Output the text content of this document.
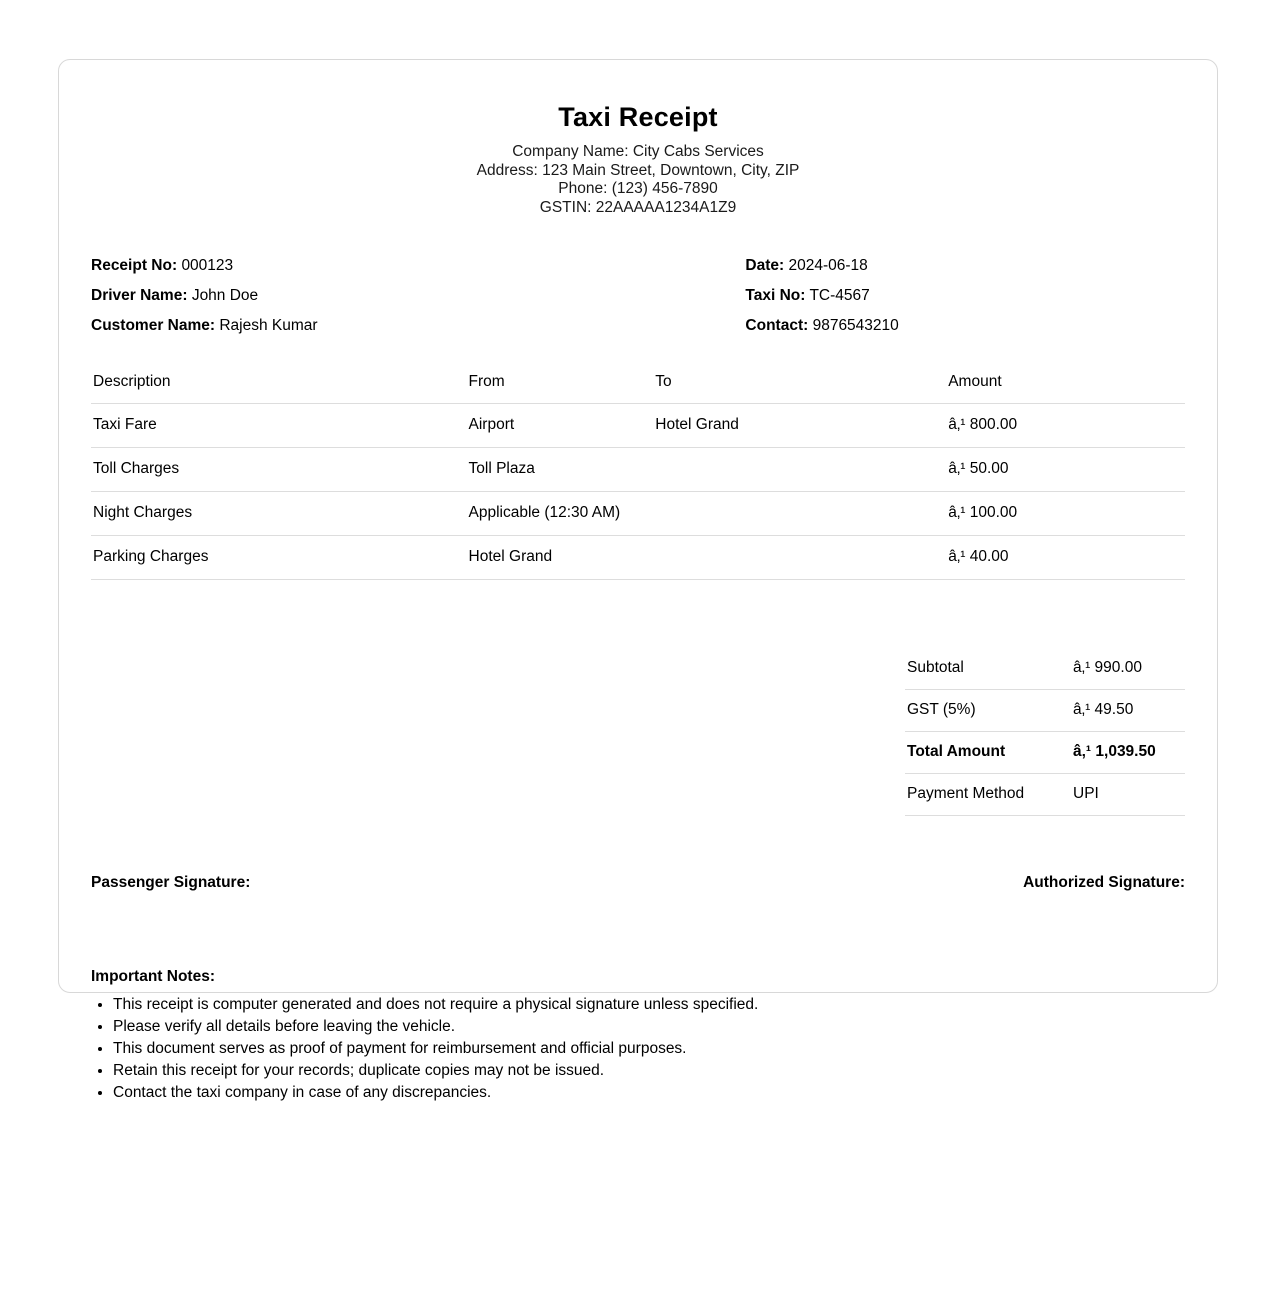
Taxi Receipt
Company Name: City Cabs Services
Address: 123 Main Street, Downtown, City, ZIP
Phone: (123) 456-7890
GSTIN: 22AAAAA1234A1Z9
Receipt No: 000123
Driver Name: John Doe
Customer Name: Rajesh Kumar
Date: 2024-06-18
Taxi No: TC-4567
Contact: 9876543210
Description	From	To	Amount
Taxi Fare	Airport	Hotel Grand	â‚¹ 800.00
Toll Charges	Toll Plaza		â‚¹ 50.00
Night Charges	Applicable (12:30 AM)		â‚¹ 100.00
Parking Charges	Hotel Grand		â‚¹ 40.00
Subtotal	â‚¹ 990.00
GST (5%)	â‚¹ 49.50
Total Amount	â‚¹ 1,039.50
Payment Method	UPI
Passenger Signature:	Authorized Signature:
Important Notes:
• This receipt is computer generated and does not require a physical signature unless specified.
• Please verify all details before leaving the vehicle.
• This document serves as proof of payment for reimbursement and official purposes.
• Retain this receipt for your records; duplicate copies may not be issued.
• Contact the taxi company in case of any discrepancies.
